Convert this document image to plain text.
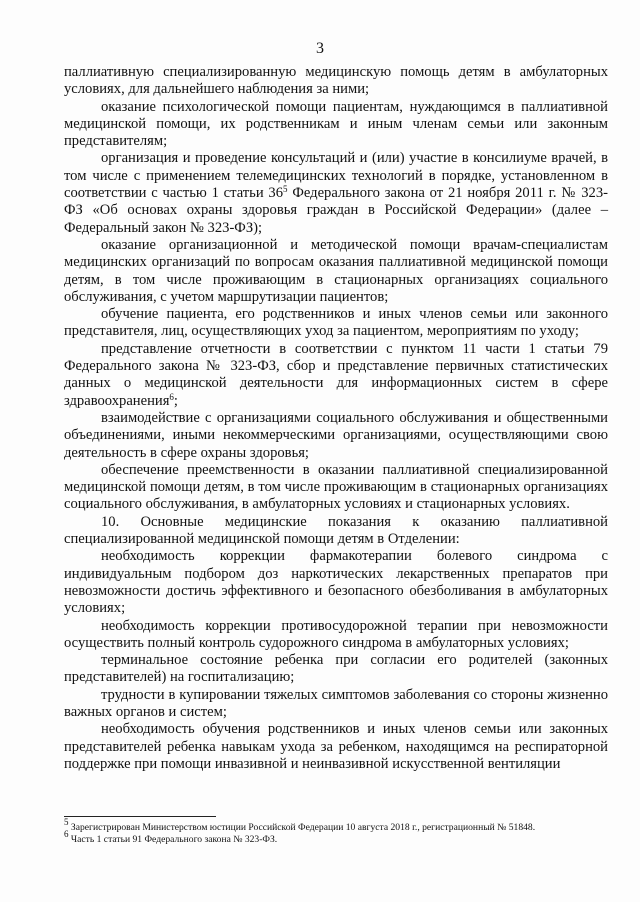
3

паллиативную специализированную медицинскую помощь детям в амбулаторных условиях, для дальнейшего наблюдения за ними;

оказание психологической помощи пациентам, нуждающимся в паллиативной медицинской помощи, их родственникам и иным членам семьи или законным представителям;

организация и проведение консультаций и (или) участие в консилиуме врачей, в том числе с применением телемедицинских технологий в порядке, установленном в соответствии с частью 1 статьи $36^5$ Федерального закона от 21 ноября 2011 г. № 323-ФЗ «Об основах охраны здоровья граждан в Российской Федерации» (далее – Федеральный закон № 323-ФЗ);

оказание организационной и методической помощи врачам-специалистам медицинских организаций по вопросам оказания паллиативной медицинской помощи детям, в том числе проживающим в стационарных организациях социального обслуживания, с учетом маршрутизации пациентов;

обучение пациента, его родственников и иных членов семьи или законного представителя, лиц, осуществляющих уход за пациентом, мероприятиям по уходу;

представление отчетности в соответствии с пунктом 11 части 1 статьи 79 Федерального закона № 323-ФЗ, сбор и представление первичных статистических данных о медицинской деятельности для информационных систем в сфере здравоохранения$^6$;

взаимодействие с организациями социального обслуживания и общественными объединениями, иными некоммерческими организациями, осуществляющими свою деятельность в сфере охраны здоровья;

обеспечение преемственности в оказании паллиативной специализированной медицинской помощи детям, в том числе проживающим в стационарных организациях социального обслуживания, в амбулаторных условиях и стационарных условиях.

10. Основные медицинские показания к оказанию паллиативной специализированной медицинской помощи детям в Отделении:

необходимость коррекции фармакотерапии болевого синдрома с индивидуальным подбором доз наркотических лекарственных препаратов при невозможности достичь эффективного и безопасного обезболивания в амбулаторных условиях;

необходимость коррекции противосудорожной терапии при невозможности осуществить полный контроль судорожного синдрома в амбулаторных условиях;

терминальное состояние ребенка при согласии его родителей (законных представителей) на госпитализацию;

трудности в купировании тяжелых симптомов заболевания со стороны жизненно важных органов и систем;

необходимость обучения родственников и иных членов семьи или законных представителей ребенка навыкам ухода за ребенком, находящимся на респираторной поддержке при помощи инвазивной и неинвазивной искусственной вентиляции

$^5$ Зарегистрирован Министерством юстиции Российской Федерации 10 августа 2018 г., регистрационный № 51848.
$^6$ Часть 1 статьи 91 Федерального закона № 323-ФЗ.
